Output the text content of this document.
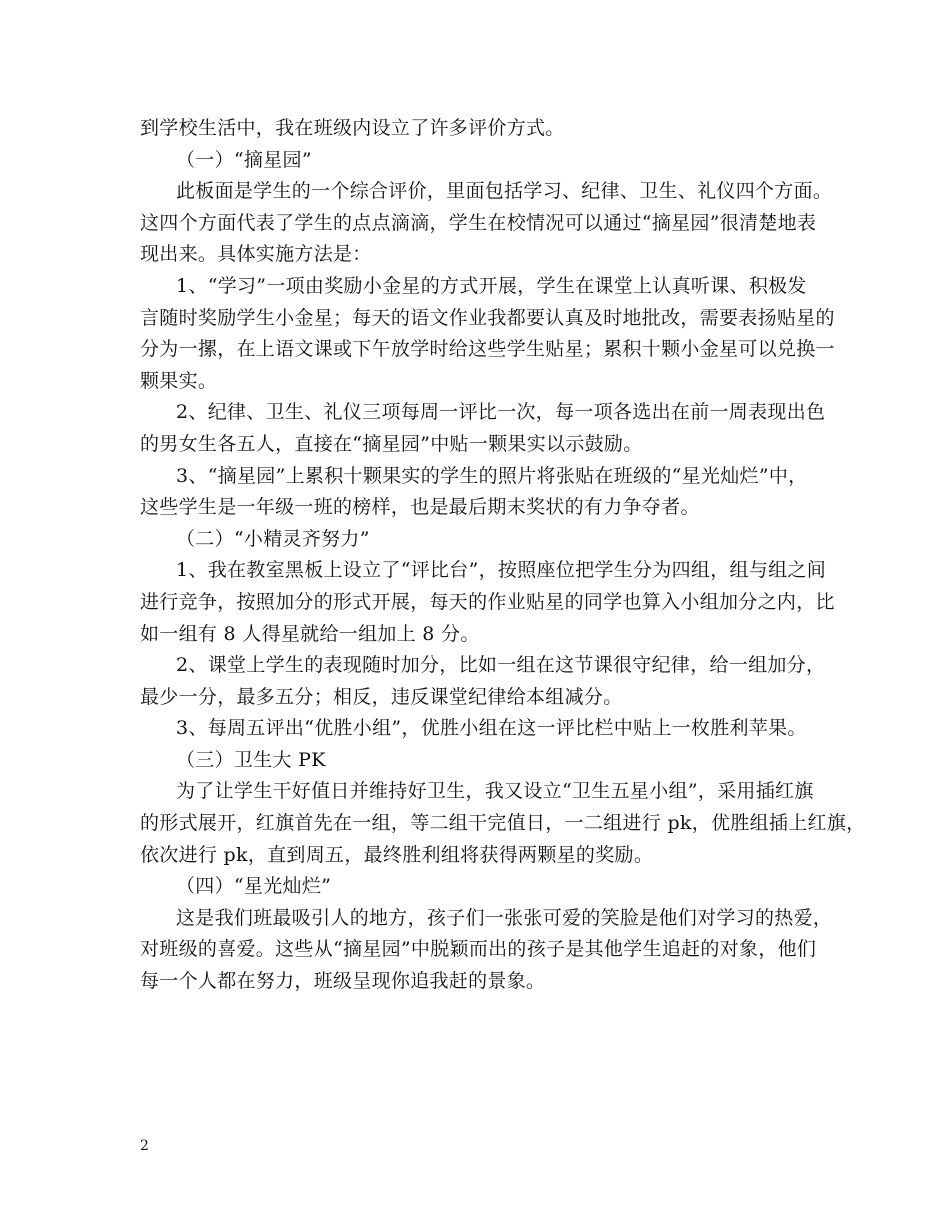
到学校生活中，我在班级内设立了许多评价方式。
（一）“摘星园”
此板面是学生的一个综合评价，里面包括学习、纪律、卫生、礼仪四个方面。
这四个方面代表了学生的点点滴滴，学生在校情况可以通过“摘星园”很清楚地表
现出来。具体实施方法是：
1、“学习”一项由奖励小金星的方式开展，学生在课堂上认真听课、积极发
言随时奖励学生小金星；每天的语文作业我都要认真及时地批改，需要表扬贴星的
分为一摞，在上语文课或下午放学时给这些学生贴星；累积十颗小金星可以兑换一
颗果实。
2、纪律、卫生、礼仪三项每周一评比一次，每一项各选出在前一周表现出色
的男女生各五人，直接在“摘星园”中贴一颗果实以示鼓励。
3、“摘星园”上累积十颗果实的学生的照片将张贴在班级的“星光灿烂”中，
这些学生是一年级一班的榜样，也是最后期末奖状的有力争夺者。
（二）“小精灵齐努力”
1、我在教室黑板上设立了“评比台”，按照座位把学生分为四组，组与组之间
进行竞争，按照加分的形式开展，每天的作业贴星的同学也算入小组加分之内，比
如一组有 8 人得星就给一组加上 8 分。
2、课堂上学生的表现随时加分，比如一组在这节课很守纪律，给一组加分，
最少一分，最多五分；相反，违反课堂纪律给本组减分。
3、每周五评出“优胜小组”，优胜小组在这一评比栏中贴上一枚胜利苹果。
（三）卫生大 PK
为了让学生干好值日并维持好卫生，我又设立“卫生五星小组”，采用插红旗
的形式展开，红旗首先在一组，等二组干完值日，一二组进行 pk，优胜组插上红旗，
依次进行 pk，直到周五，最终胜利组将获得两颗星的奖励。
（四）“星光灿烂”
这是我们班最吸引人的地方，孩子们一张张可爱的笑脸是他们对学习的热爱，
对班级的喜爱。这些从“摘星园”中脱颖而出的孩子是其他学生追赶的对象，他们
每一个人都在努力，班级呈现你追我赶的景象。
2
